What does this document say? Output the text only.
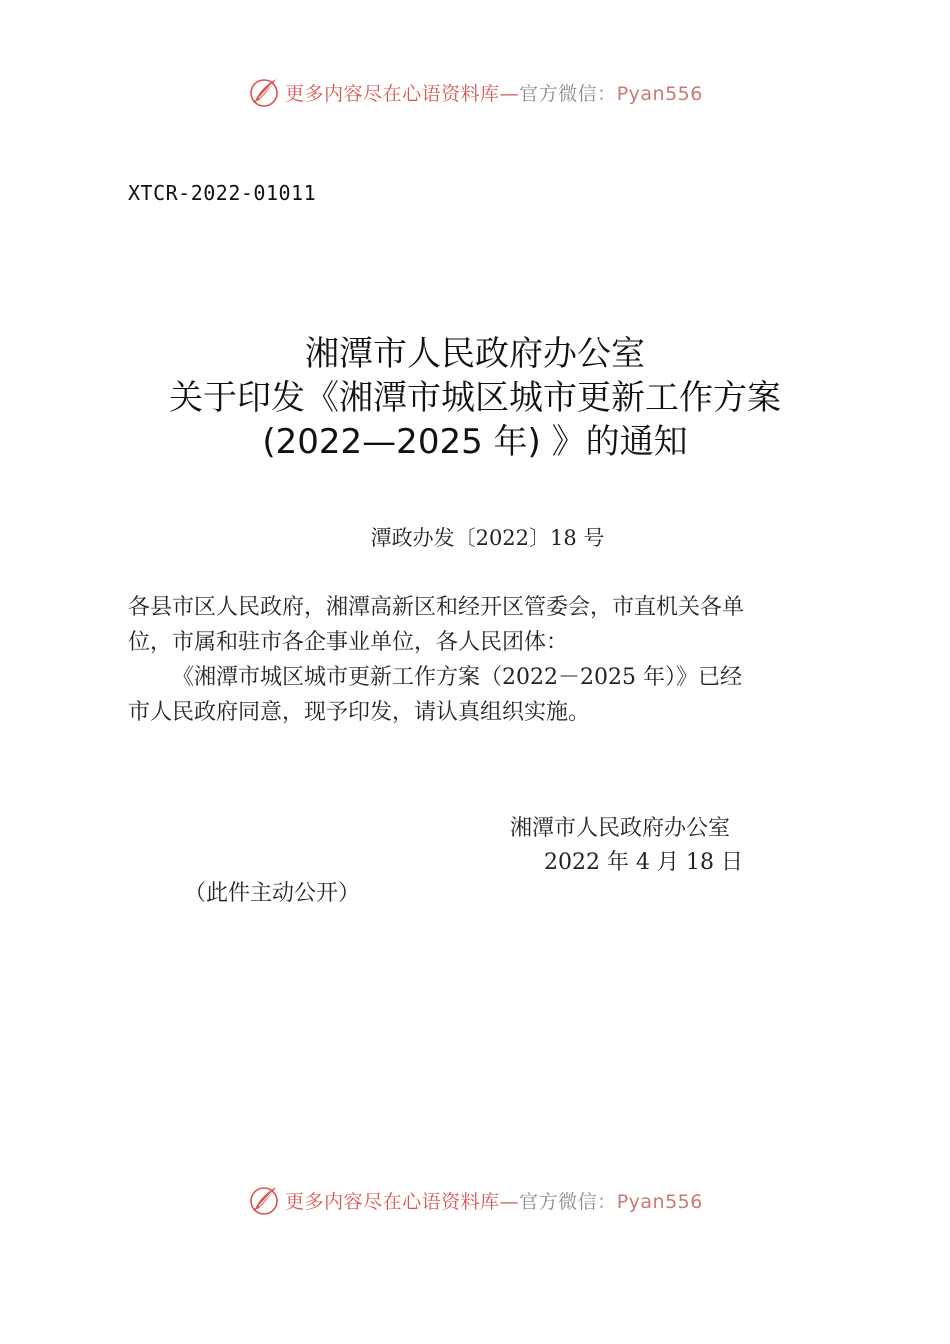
更多内容尽在心语资料库—官方微信：Pyan556
XTCR-2022-01011
湘潭市人民政府办公室
关于印发《湘潭市城区城市更新工作方案
(2022—2025 年) 》的通知
潭政办发〔2022〕18 号

各县市区人民政府，湘潭高新区和经开区管委会，市直机关各单

位，市属和驻市各企事业单位，各人民团体：

《湘潭市城区城市更新工作方案（2022－2025 年）》已经

市人民政府同意，现予印发，请认真组织实施。

湘潭市人民政府办公室
2022 年 4 月 18 日
（此件主动公开）
更多内容尽在心语资料库—官方微信：Pyan556
